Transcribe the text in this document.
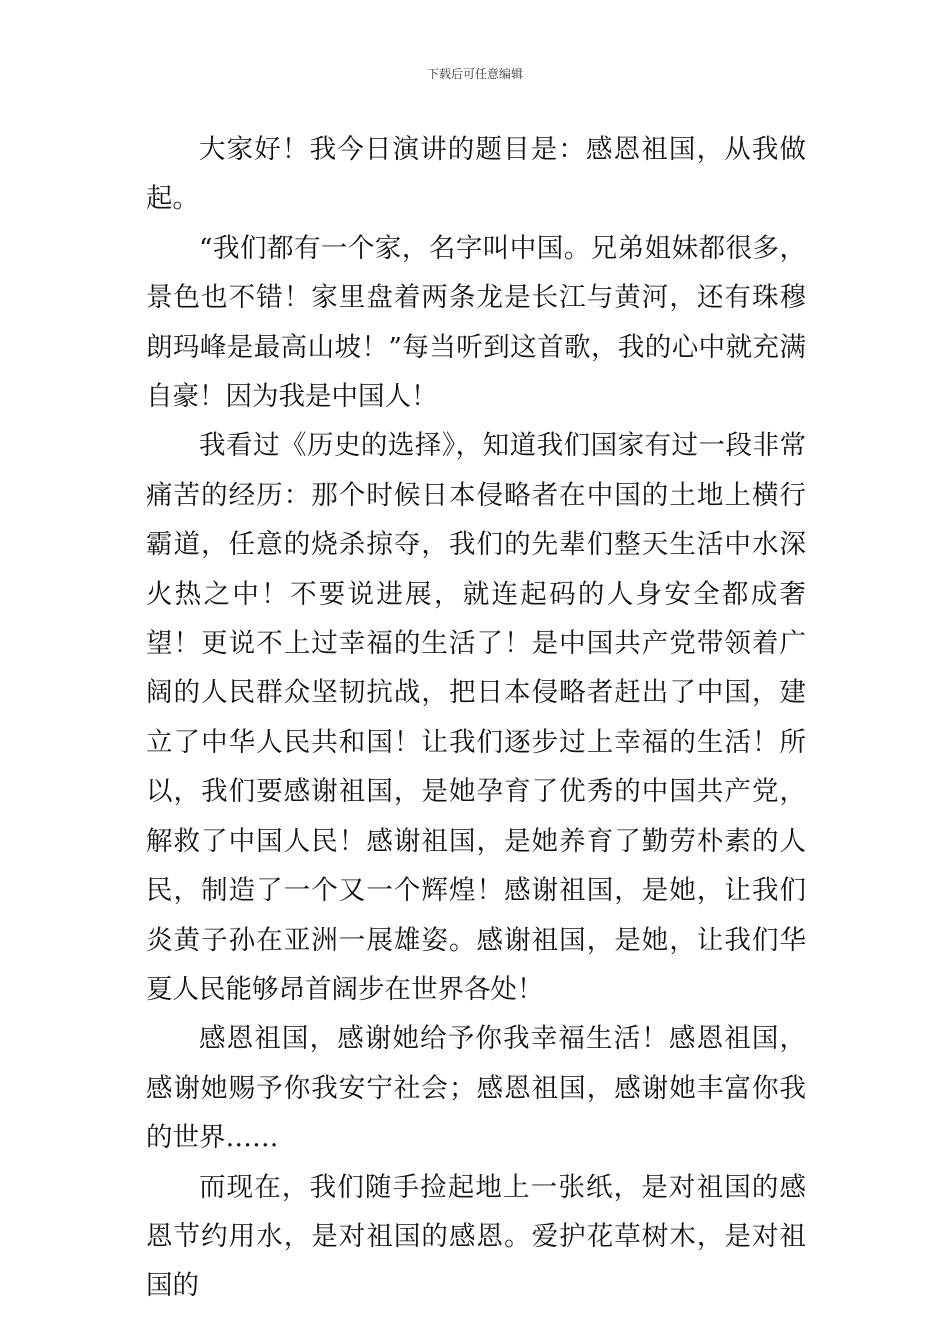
下载后可任意编辑

大家好！我今日演讲的题目是：感恩祖国，从我做起。

“我们都有一个家，名字叫中国。兄弟姐妹都很多，景色也不错！家里盘着两条龙是长江与黄河，还有珠穆朗玛峰是最高山坡！”每当听到这首歌，我的心中就充满自豪！因为我是中国人！

我看过《历史的选择》，知道我们国家有过一段非常痛苦的经历：那个时候日本侵略者在中国的土地上横行霸道，任意的烧杀掠夺，我们的先辈们整天生活中水深火热之中！不要说进展，就连起码的人身安全都成奢望！更说不上过幸福的生活了！是中国共产党带领着广阔的人民群众坚韧抗战，把日本侵略者赶出了中国，建立了中华人民共和国！让我们逐步过上幸福的生活！所以，我们要感谢祖国，是她孕育了优秀的中国共产党，解救了中国人民！感谢祖国，是她养育了勤劳朴素的人民，制造了一个又一个辉煌！感谢祖国，是她，让我们炎黄子孙在亚洲一展雄姿。感谢祖国，是她，让我们华夏人民能够昂首阔步在世界各处！

感恩祖国，感谢她给予你我幸福生活！感恩祖国，感谢她赐予你我安宁社会；感恩祖国，感谢她丰富你我的世界……

而现在，我们随手捡起地上一张纸，是对祖国的感恩节约用水，是对祖国的感恩。爱护花草树木，是对祖国的
